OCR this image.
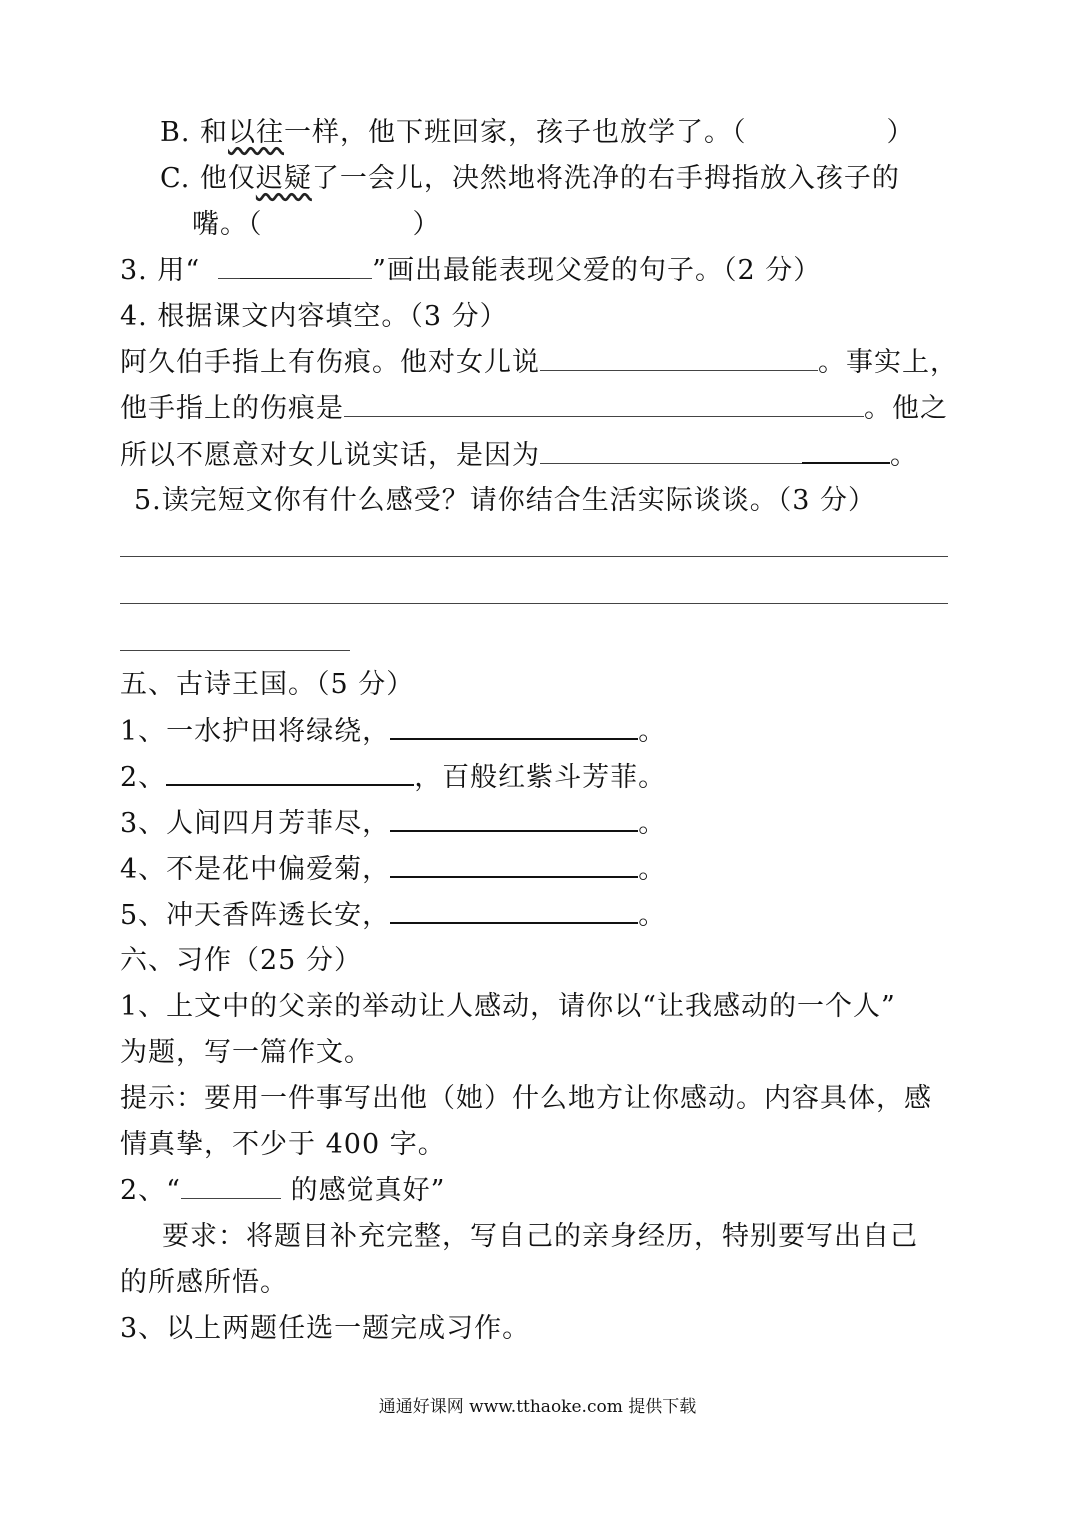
B. 和以往一样，他下班回家，孩子也放学了。（	）
C. 他仅迟疑了一会儿，决然地将洗净的右手拇指放入孩子的
嘴。（	）
3. 用“	”画出最能表现父爱的句子。（2 分）
4. 根据课文内容填空。（3 分）
阿久伯手指上有伤痕。他对女儿说	。事实上，
他手指上的伤痕是	。他之
所以不愿意对女儿说实话，是因为	。
5.读完短文你有什么感受？请你结合生活实际谈谈。（3 分）
五、古诗王国。（5 分）
1、一水护田将绿绕，	。
2、	，百般红紫斗芳菲。
3、人间四月芳菲尽，	。
4、不是花中偏爱菊，	。
5、冲天香阵透长安，	。
六、习作（25 分）
1、上文中的父亲的举动让人感动，请你以“让我感动的一个人”
为题，写一篇作文。
提示：要用一件事写出他（她）什么地方让你感动。内容具体，感
情真挚，不少于 400 字。
2、“	的感觉真好”
要求：将题目补充完整，写自己的亲身经历，特别要写出自己
的所感所悟。
3、以上两题任选一题完成习作。
通通好课网 www.tthaoke.com 提供下载
